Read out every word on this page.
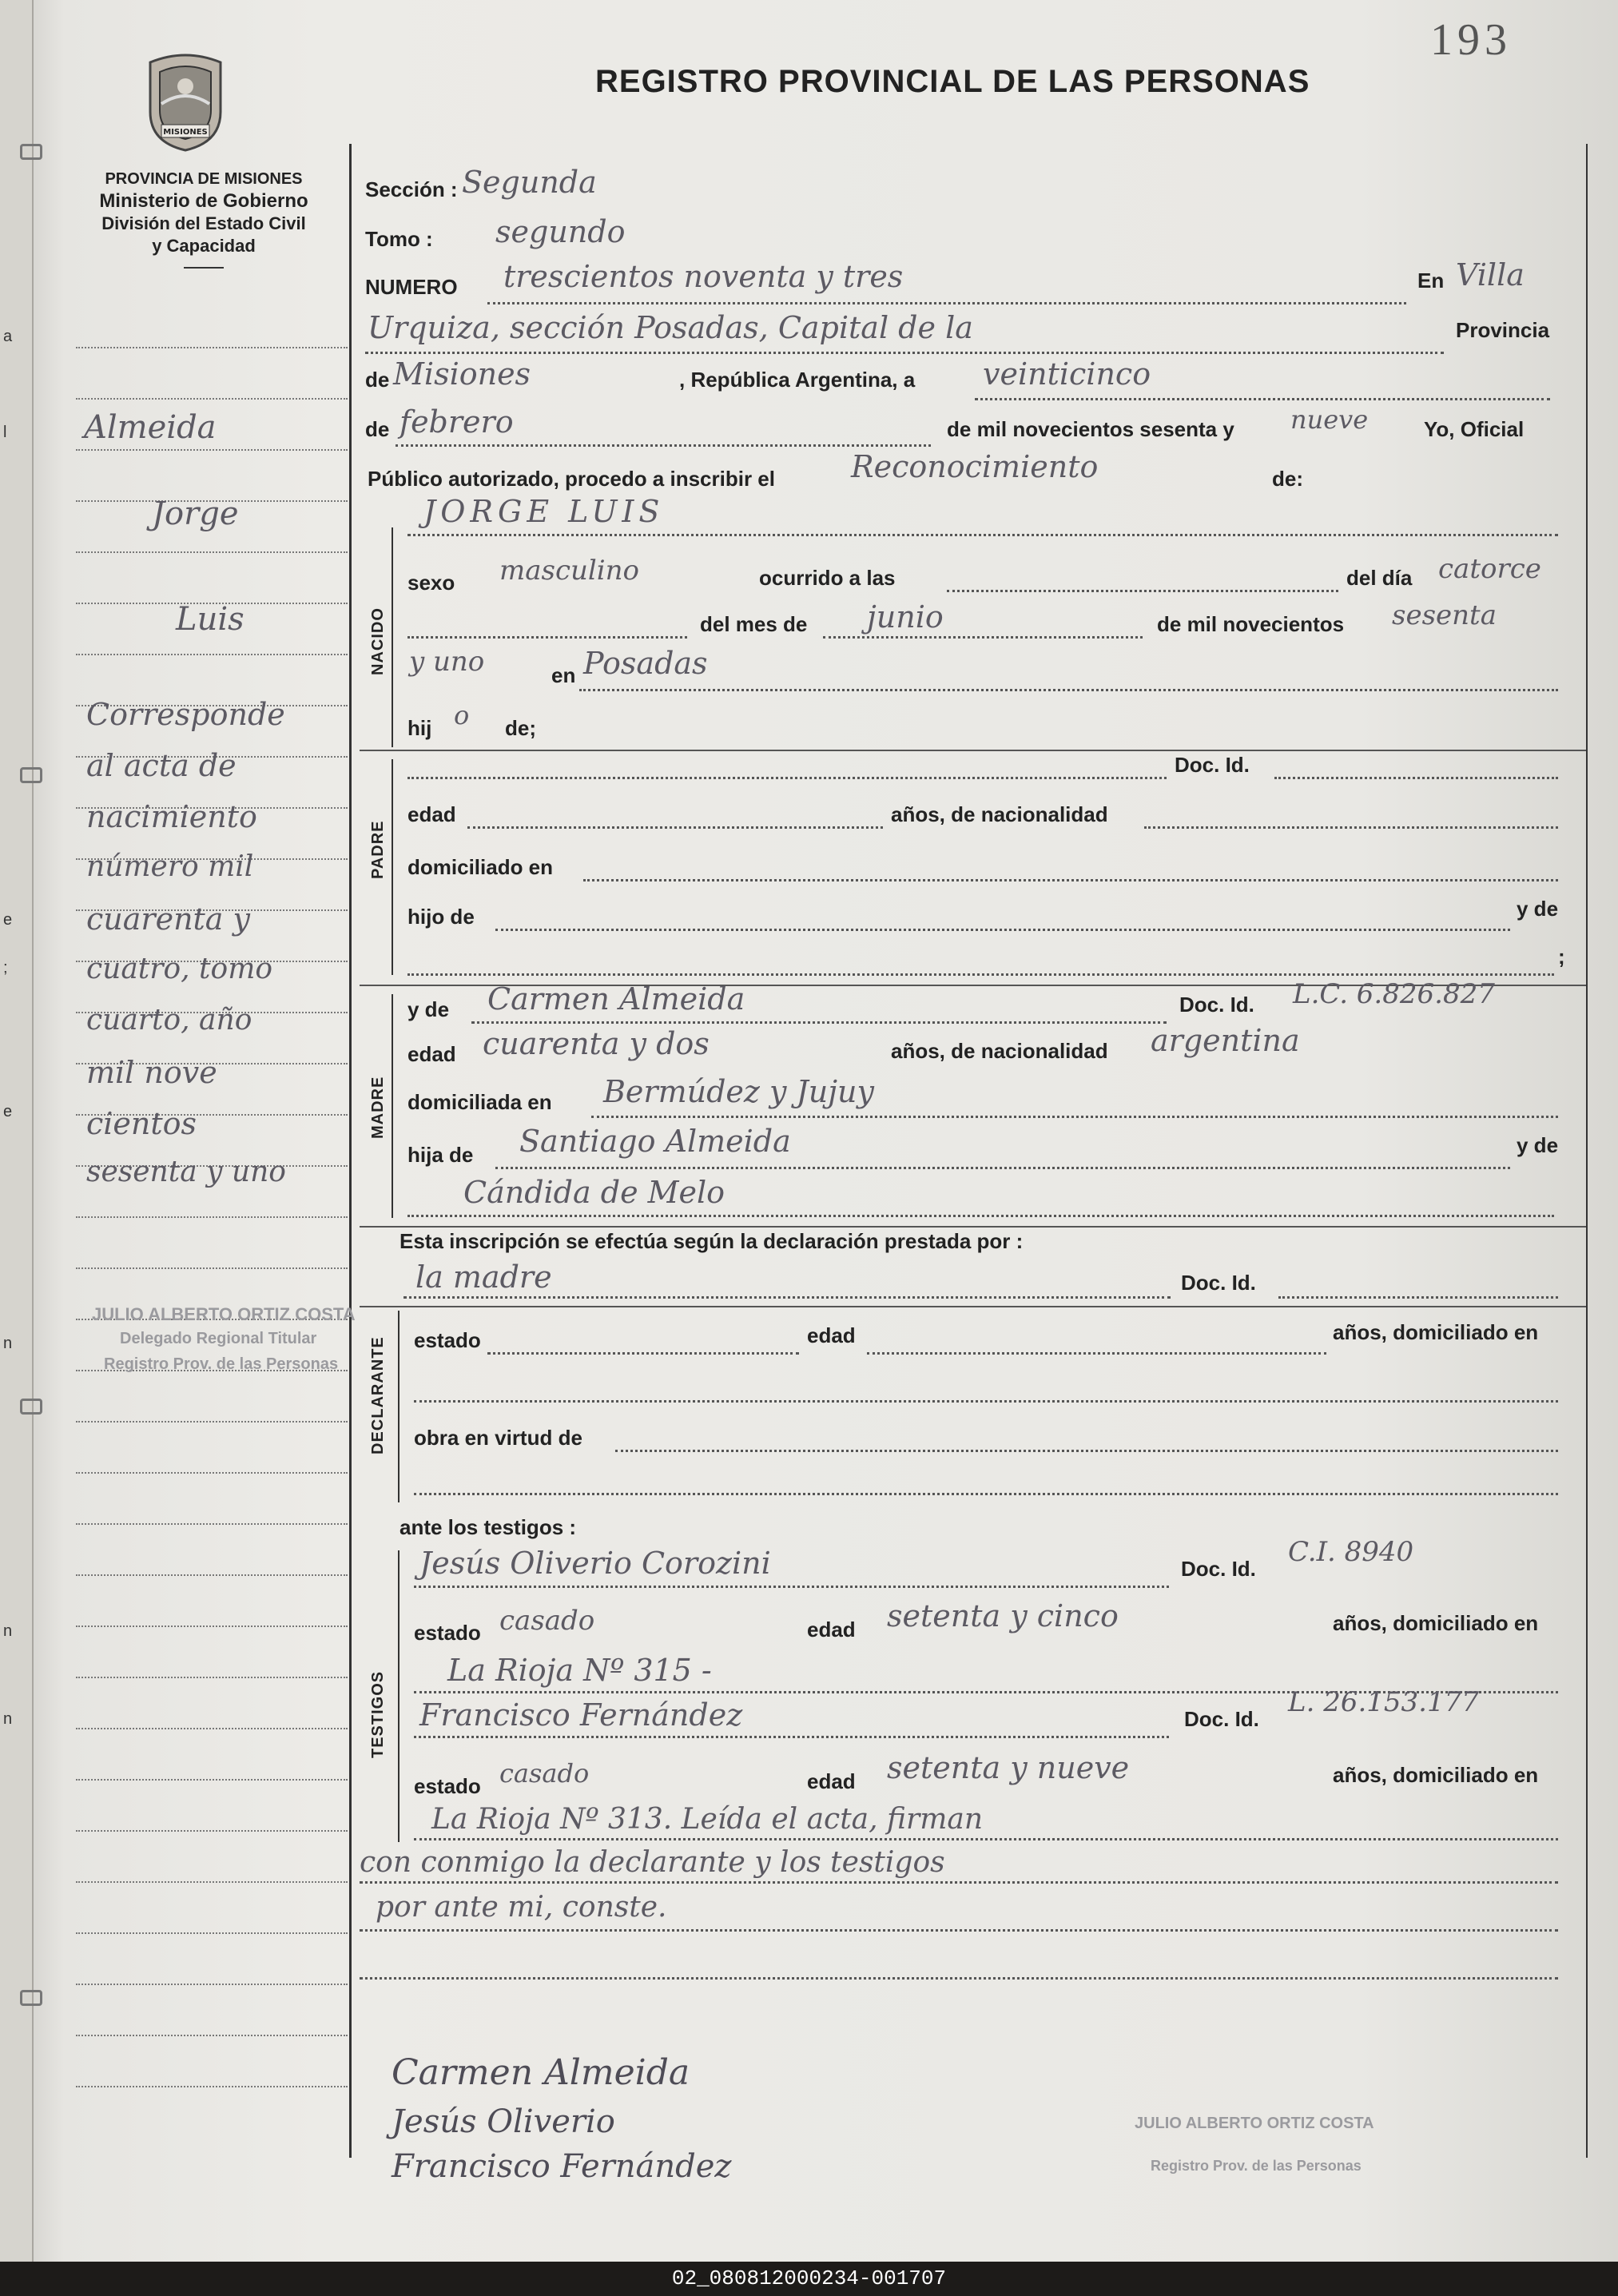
a
l
e
;
e
n
n
n
193
REGISTRO PROVINCIAL DE LAS PERSONAS
MISIONES
PROVINCIA DE MISIONES
Ministerio de Gobierno
División del Estado Civil
y Capacidad
Almeida
Jorge
Luis
Corresponde
al acta de
nacimiento
número mil
cuarenta y
cuatro, tomo
cuarto, año
mil nove
cientos
sesenta y uno
JULIO ALBERTO ORTIZ COSTA
Delegado Regional Titular
Registro Prov. de las Personas
Sección : Segunda
Tomo : segundo
NUMERO trescientos noventa y tres	En Villa
Urquiza, sección Posadas, Capital de la	Provincia
de Misiones	, República Argentina, a veinticinco
de febrero	de mil novecientos sesenta y nueve	Yo, Oficial
Público autorizado, procedo a inscribir el	Reconocimiento	de:
NACIDO
JORGE LUIS
sexo masculino	ocurrido a las	del día catorce
del mes de junio	de mil novecientos sesenta
y uno	en Posadas
hij o de;
PADRE
Doc. Id.
edad	años, de nacionalidad
domiciliado en
hijo de	y de
;
MADRE
y de Carmen Almeida	Doc. Id. L.C. 6.826.827
edad cuarenta y dos	años, de nacionalidad argentina
domiciliada en Bermúdez y Jujuy
hija de Santiago Almeida	y de
Cándida de Melo
Esta inscripción se efectúa según la declaración prestada por :
la madre	Doc. Id.
DECLARANTE estado	edad	años, domiciliado en
obra en virtud de
ante los testigos :
TESTIGOS
Jesús Oliverio Corozini	Doc. Id.
C.I. 8940
estado casado	edad setenta y cinco	años, domiciliado en
La Rioja Nº 315 -
Francisco Fernández	Doc. Id.
L. 26.153.177
estado casado	edad setenta y nueve	años, domiciliado en
La Rioja Nº 313. Leída el acta, firman
con conmigo la declarante y los testigos
por ante mi, conste.
Carmen Almeida
Jesús Oliverio
Francisco Fernández
JULIO ALBERTO ORTIZ COSTA
Registro Prov. de las Personas
02_080812000234-001707
